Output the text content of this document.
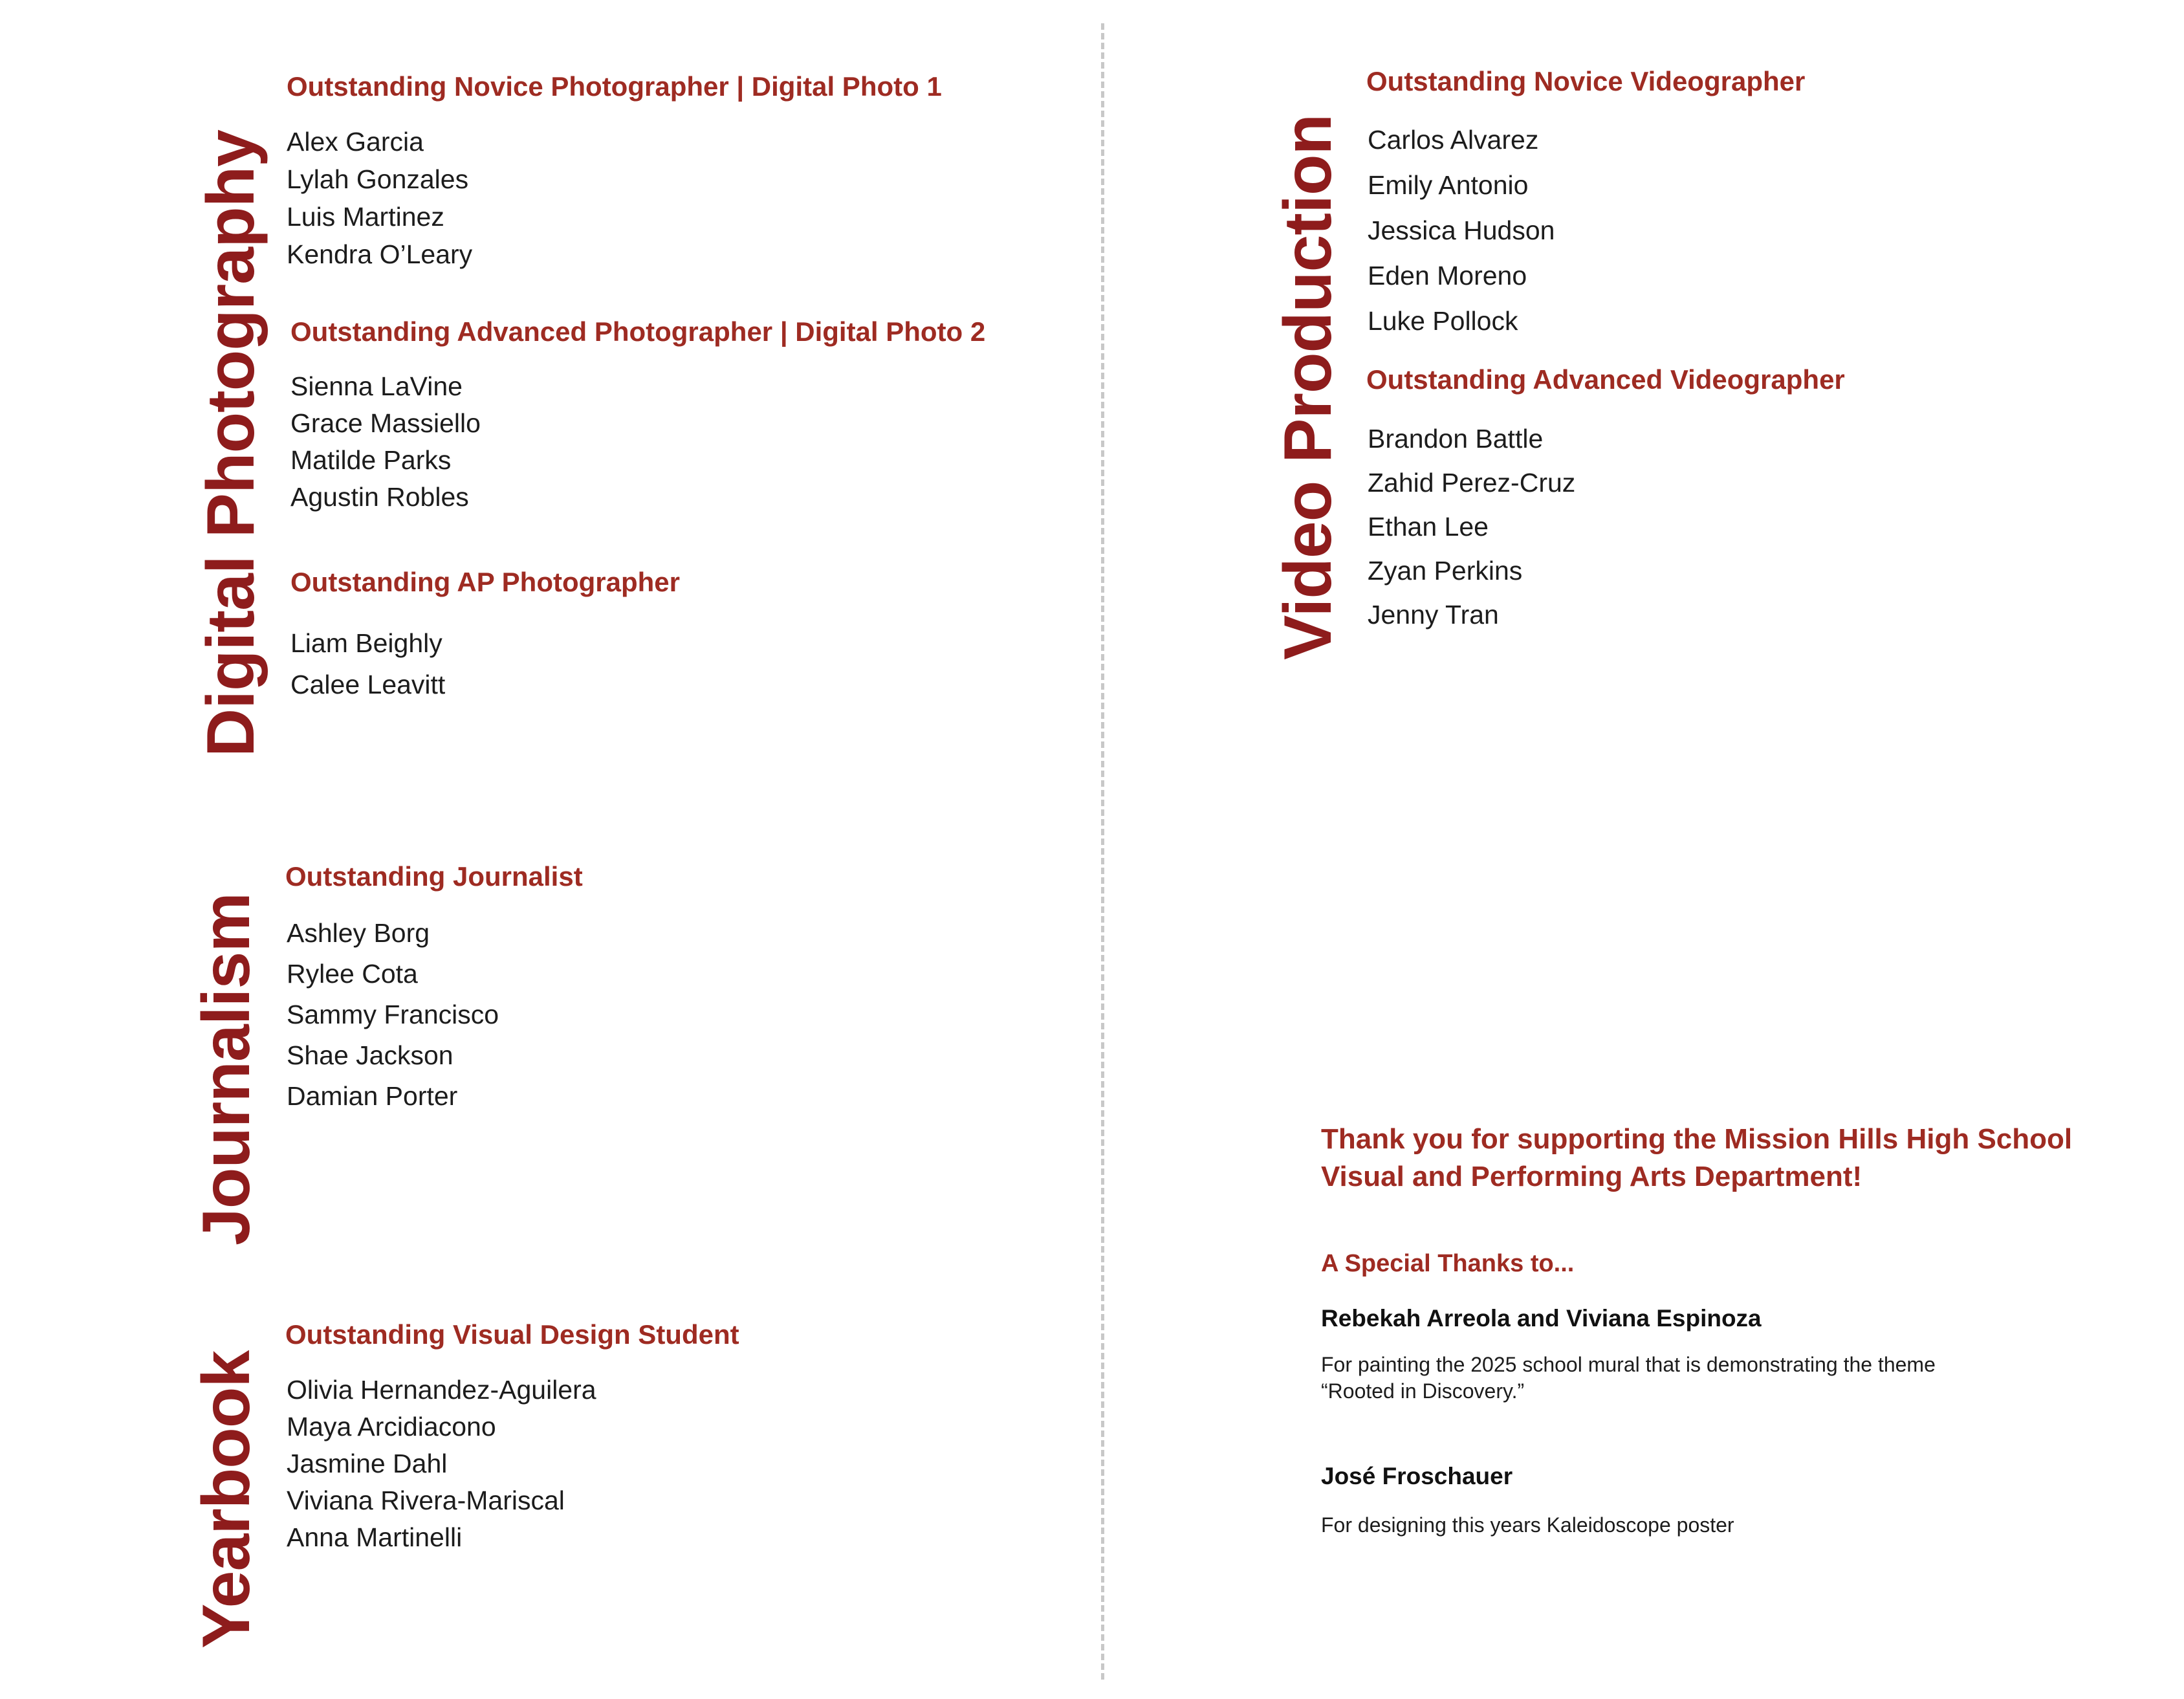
Digital Photography
Outstanding Novice Photographer | Digital Photo 1
Alex Garcia
Lylah Gonzales
Luis Martinez
Kendra O’Leary
Outstanding Advanced Photographer | Digital Photo 2
Sienna LaVine
Grace Massiello
Matilde Parks
Agustin Robles
Outstanding AP Photographer
Liam Beighly
Calee Leavitt
Journalism
Outstanding Journalist
Ashley Borg
Rylee Cota
Sammy Francisco
Shae Jackson
Damian Porter
Yearbook
Outstanding Visual Design Student
Olivia Hernandez-Aguilera
Maya Arcidiacono
Jasmine Dahl
Viviana Rivera-Mariscal
Anna Martinelli
Video Production
Outstanding Novice Videographer
Carlos Alvarez
Emily Antonio
Jessica Hudson
Eden Moreno
Luke Pollock
Outstanding Advanced Videographer
Brandon Battle
Zahid Perez-Cruz
Ethan Lee
Zyan Perkins
Jenny Tran

Thank you for supporting the Mission Hills High School Visual and Performing Arts Department!

A Special Thanks to...

Rebekah Arreola and Viviana Espinoza

For painting the 2025 school mural that is demonstrating the theme “Rooted in Discovery.”

José Froschauer

For designing this years Kaleidoscope poster
